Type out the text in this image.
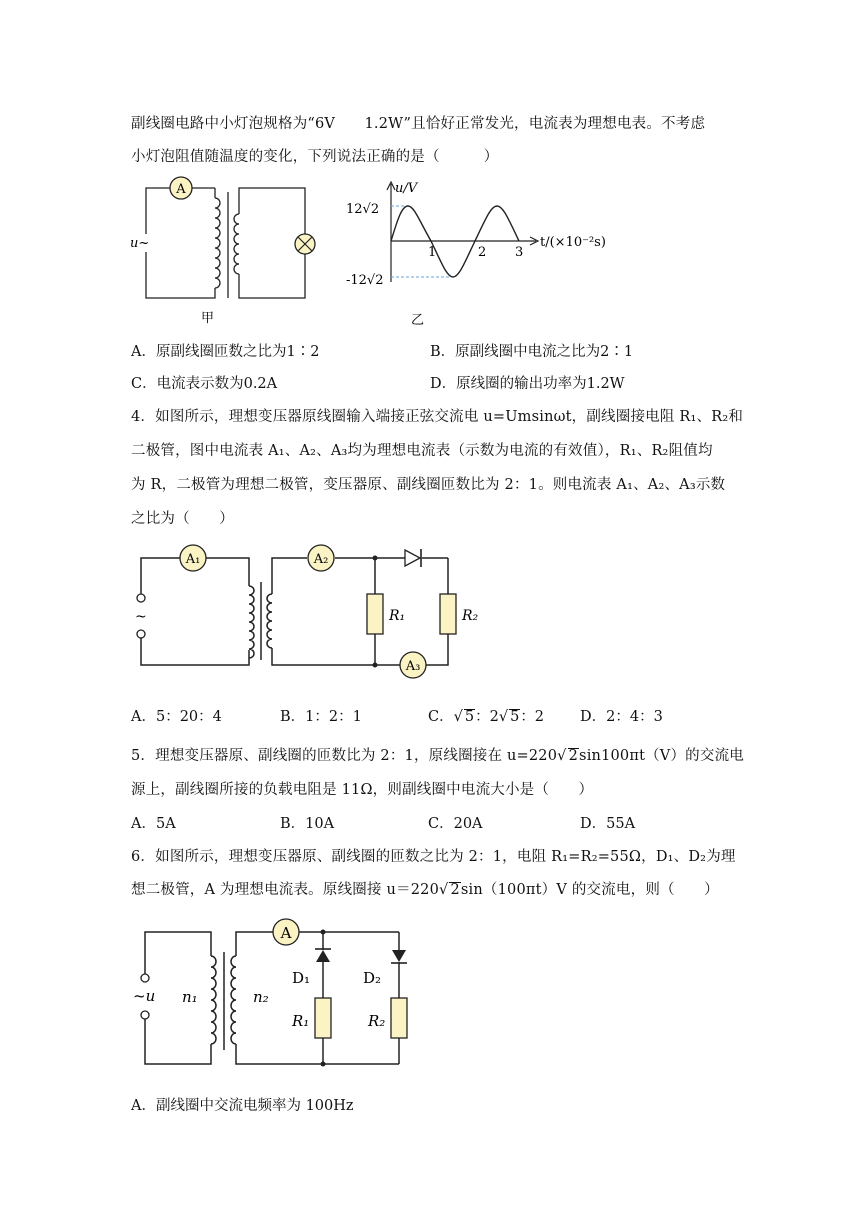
副线圈电路中小灯泡规格为“6V　　1.2W”且恰好正常发光，电流表为理想电表。不考虑
小灯泡阻值随温度的变化，下列说法正确的是（　　　）
A
u~
甲
u/V
12√2
-12√2
1	2 3
t/(×10⁻²s)
乙
A．原副线圈匝数之比为1∶2	B．原副线圈中电流之比为2∶1
C．电流表示数为0.2A	D．原线圈的输出功率为1.2W
4．如图所示，理想变压器原线圈输入端接正弦交流电 u=Umsinωt，副线圈接电阻 R₁、R₂和
二极管，图中电流表 A₁、A₂、A₃均为理想电流表（示数为电流的有效值），R₁、R₂阻值均
为 R，二极管为理想二极管，变压器原、副线圈匝数比为 2：1。则电流表 A₁、A₂、A₃示数
之比为（　　）
~
A₁	A₂
A₃
R₁	R₂
A．5：20：4	B．1：2：1	C．√ 5：2√ 5：2 D．2：4：3
5．理想变压器原、副线圈的匝数比为 2：1，原线圈接在 u=220√ 2sin100πt（V）的交流电
源上，副线圈所接的负载电阻是 11Ω，则副线圈中电流大小是（　　）
A．5A	B．10A	C．20A	D．55A
6．如图所示，理想变压器原、副线圈的匝数之比为 2：1，电阻 R₁=R₂=55Ω，D₁、D₂为理
想二极管，A 为理想电流表。原线圈接 u＝220√ 2sin（100πt）V 的交流电，则（　　）
~u n₁	n₂
A
D₁	D₂
R₁	R₂
A．副线圈中交流电频率为 100Hz
